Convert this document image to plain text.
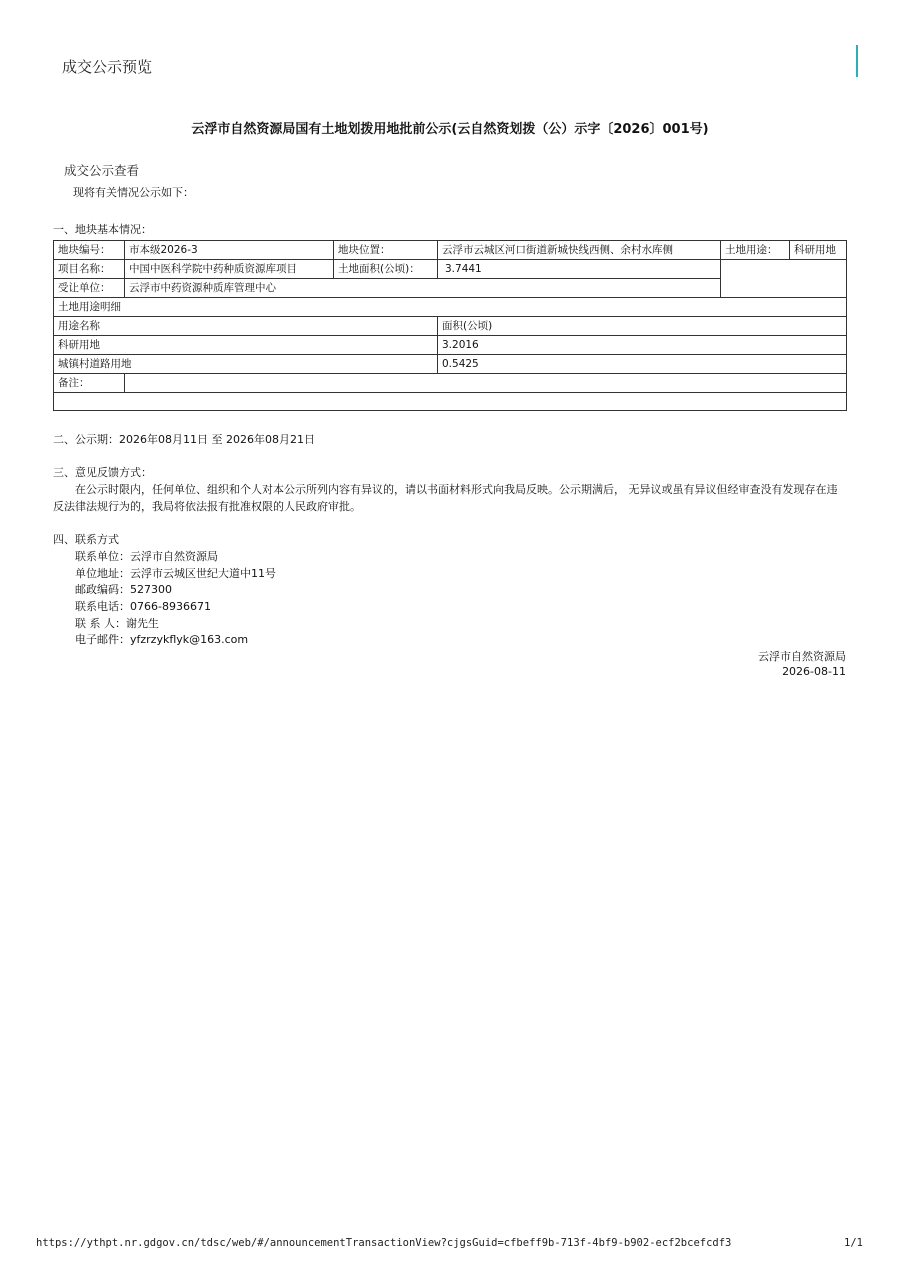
成交公示预览
云浮市自然资源局国有土地划拨用地批前公示(云自然资划拨（公）示字〔2026〕001号)
成交公示查看
现将有关情况公示如下：
一、地块基本情况：
地块编号：	市本级2026-3	地块位置：	云浮市云城区河口街道新城快线西侧、余村水库侧	土地用途：	科研用地
项目名称：	中国中医科学院中药种质资源库项目	土地面积(公顷)：	3.7441		
受让单位：	云浮市中药资源种质库管理中心				
土地用途明细					
用途名称			面积(公顷)		
科研用地			3.2016		
城镇村道路用地			0.5425		
备注：					

二、公示期：2026年08月11日 至 2026年08月21日
三、意见反馈方式：
在公示时限内，任何单位、组织和个人对本公示所列内容有异议的，请以书面材料形式向我局反映。公示期满后， 无异议或虽有异议但经审查没有发现存在违反法律法规行为的，我局将依法报有批准权限的人民政府审批。
四、联系方式
联系单位：云浮市自然资源局
单位地址：云浮市云城区世纪大道中11号
邮政编码：527300
联系电话：0766-8936671
联 系 人：谢先生
电子邮件：yfzrzykflyk@163.com
云浮市自然资源局
2026-08-11
https://ythpt.nr.gdgov.cn/tdsc/web/#/announcementTransactionView?cjgsGuid=cfbeff9b-713f-4bf9-b902-ecf2bcefcdf3	1/1
